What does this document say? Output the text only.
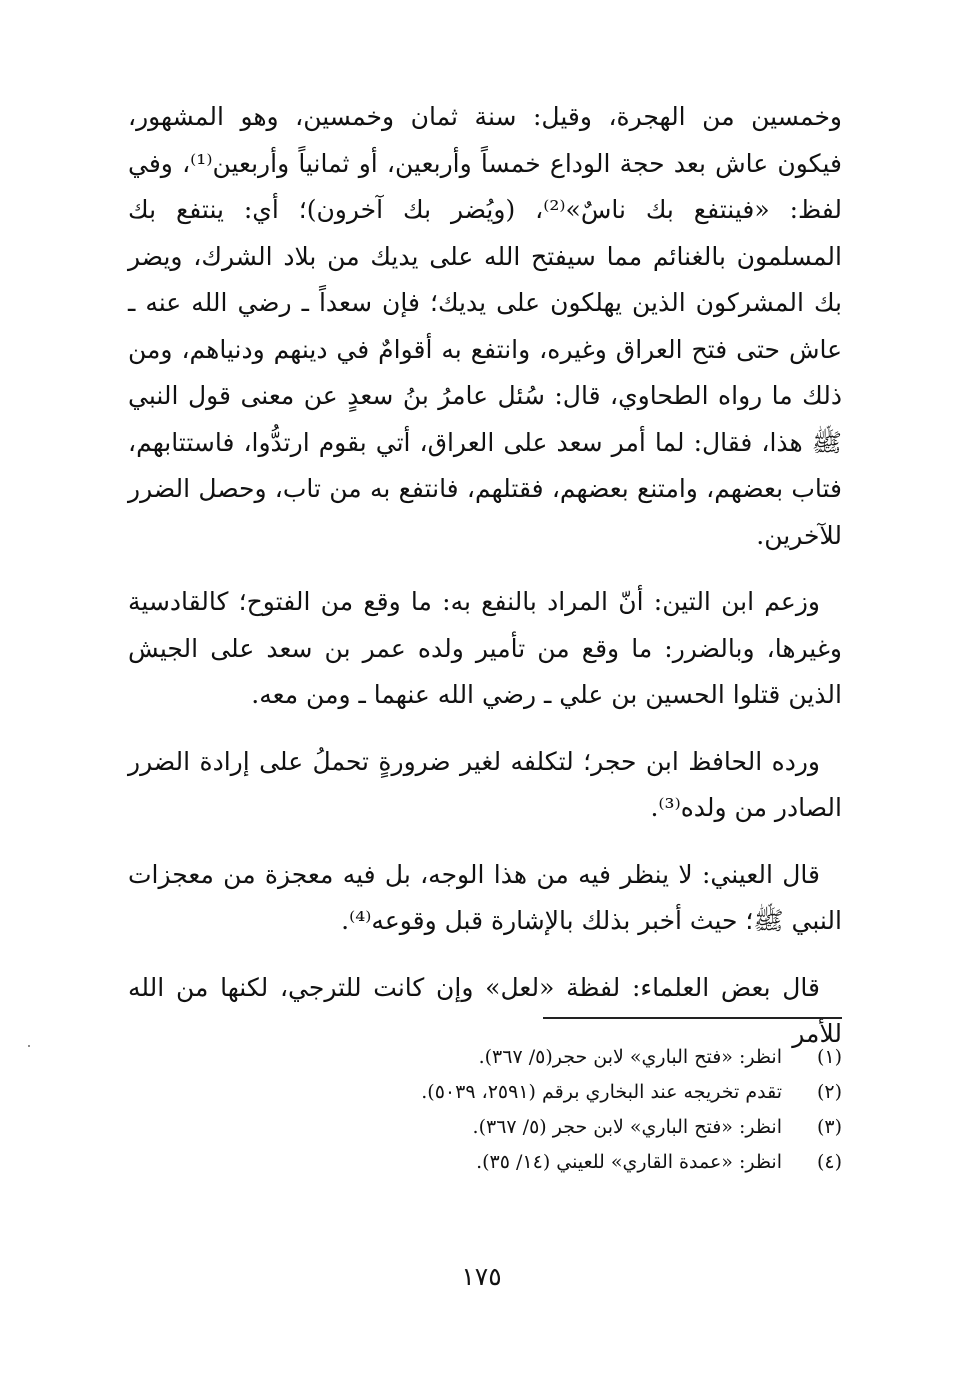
وخمسين من الهجرة، وقيل: سنة ثمان وخمسين، وهو المشهور، فيكون عاش بعد حجة الوداع خمساً وأربعين، أو ثمانياً وأربعين⁽¹⁾، وفي لفظ: «فينتفع بك ناسٌ»⁽²⁾، (ويُضر بك آخرون)؛ أي: ينتفع بك المسلمون بالغنائم مما سيفتح الله على يديك من بلاد الشرك، ويضر بك المشركون الذين يهلكون على يديك؛ فإن سعداً ـ رضي الله عنه ـ عاش حتى فتح العراق وغيره، وانتفع به أقوامٌ في دينهم ودنياهم، ومن ذلك ما رواه الطحاوي، قال: سُئل عامرُ بنُ سعدٍ عن معنى قول النبي ﷺ هذا، فقال: لما أمر سعد على العراق، أتي بقوم ارتدُّوا، فاستتابهم، فتاب بعضهم، وامتنع بعضهم، فقتلهم، فانتفع به من تاب، وحصل الضرر للآخرين.

وزعم ابن التين: أنّ المراد بالنفع به: ما وقع من الفتوح؛ كالقادسية وغيرها، وبالضرر: ما وقع من تأمير ولده عمر بن سعد على الجيش الذين قتلوا الحسين بن علي ـ رضي الله عنهما ـ ومن معه.

ورده الحافظ ابن حجر؛ لتكلفه لغير ضرورةٍ تحملُ على إرادة الضرر الصادر من ولده⁽³⁾.

قال العيني: لا ينظر فيه من هذا الوجه، بل فيه معجزة من معجزات النبي ﷺ؛ حيث أخبر بذلك بالإشارة قبل وقوعه⁽⁴⁾.

قال بعض العلماء: لفظة «لعل» وإن كانت للترجي، لكنها من الله للأمر

(١)
انظر: «فتح الباري» لابن حجر(٥/ ٣٦٧).
(٢)
تقدم تخريجه عند البخاري برقم (٢٥٩١، ٥٠٣٩).
(٣)
انظر: «فتح الباري» لابن حجر (٥/ ٣٦٧).
(٤)
انظر: «عمدة القاري» للعيني (١٤/ ٣٥).
١٧٥
